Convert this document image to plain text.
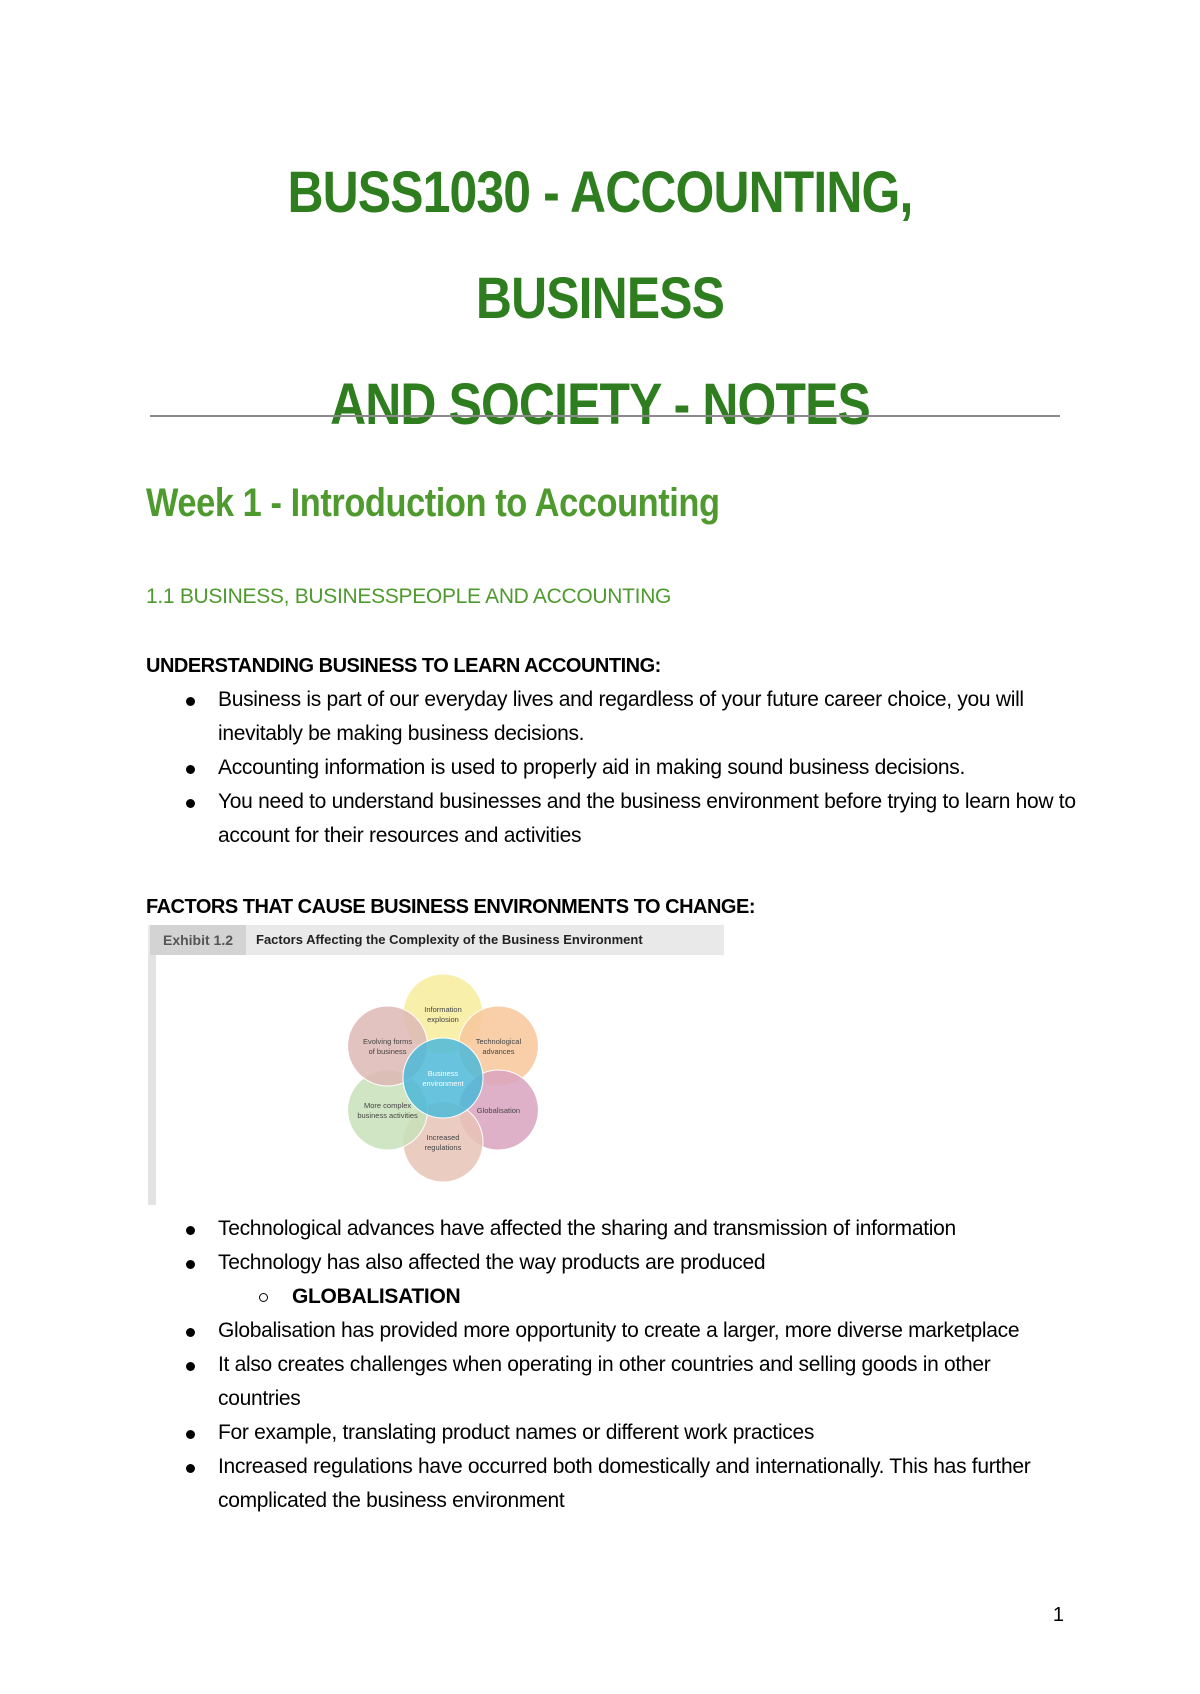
BUSS1030 - ACCOUNTING, BUSINESS
AND SOCIETY - NOTES
Week 1 - Introduction to Accounting
1.1 BUSINESS, BUSINESSPEOPLE AND ACCOUNTING
UNDERSTANDING BUSINESS TO LEARN ACCOUNTING:
Business is part of our everyday lives and regardless of your future career choice, you will inevitably be making business decisions.
Accounting information is used to properly aid in making sound business decisions.
You need to understand businesses and the business environment before trying to learn how to account for their resources and activities
FACTORS THAT CAUSE BUSINESS ENVIRONMENTS TO CHANGE:
Exhibit 1.2	Factors Affecting the Complexity of the Business Environment
Information
explosion
Technological
advances
Globalisation
Increased
regulations
More complex
business activities
Evolving forms
of business
Business
environment
Technological advances have affected the sharing and transmission of information
Technology has also affected the way products are produced
GLOBALISATION
Globalisation has provided more opportunity to create a larger, more diverse marketplace
It also creates challenges when operating in other countries and selling goods in other countries
For example, translating product names or different work practices
Increased regulations have occurred both domestically and internationally. This has further complicated the business environment
1
